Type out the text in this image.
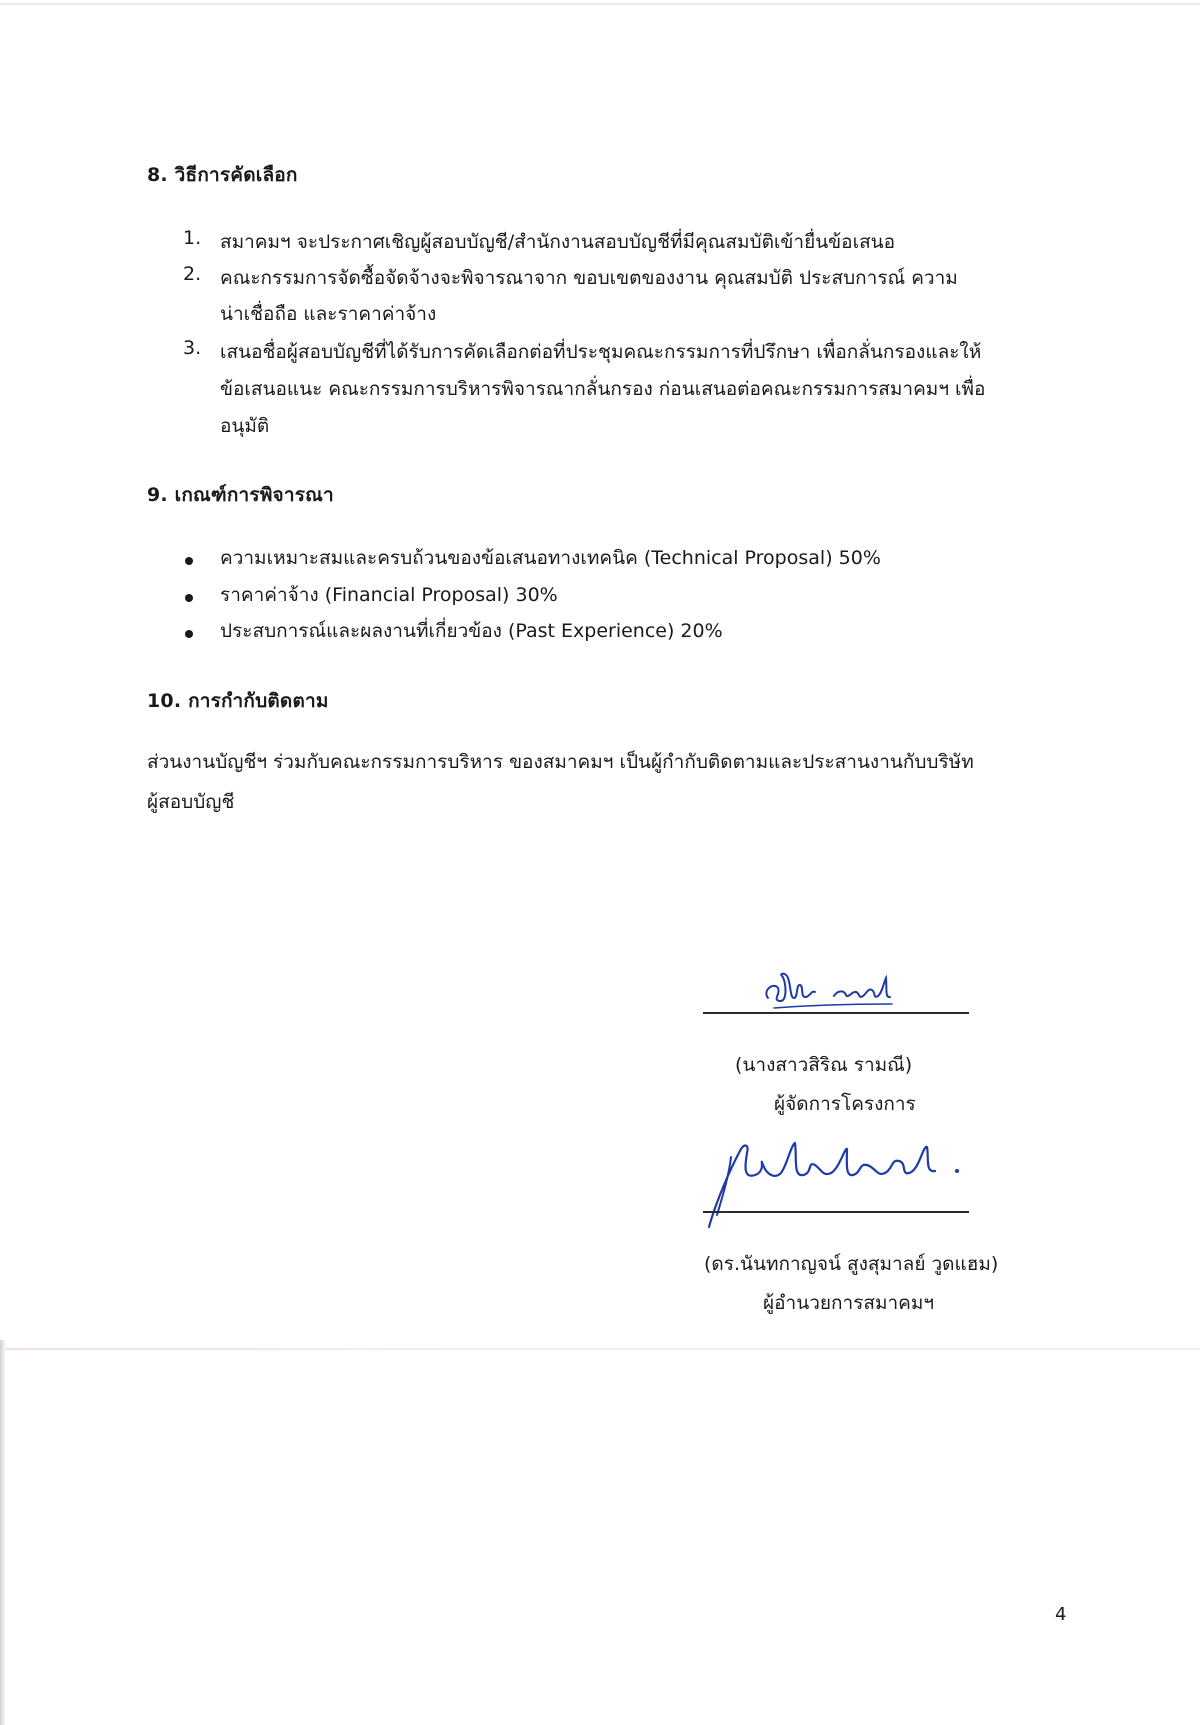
8. วิธีการคัดเลือก
1. สมาคมฯ จะประกาศเชิญผู้สอบบัญชี/สำนักงานสอบบัญชีที่มีคุณสมบัติเข้ายื่นข้อเสนอ
2. คณะกรรมการจัดซื้อจัดจ้างจะพิจารณาจาก ขอบเขตของงาน คุณสมบัติ ประสบการณ์ ความ
น่าเชื่อถือ และราคาค่าจ้าง
3. เสนอชื่อผู้สอบบัญชีที่ได้รับการคัดเลือกต่อที่ประชุมคณะกรรมการที่ปรึกษา เพื่อกลั่นกรองและให้
ข้อเสนอแนะ คณะกรรมการบริหารพิจารณากลั่นกรอง ก่อนเสนอต่อคณะกรรมการสมาคมฯ เพื่อ
อนุมัติ
9. เกณฑ์การพิจารณา
ความเหมาะสมและครบถ้วนของข้อเสนอทางเทคนิค (Technical Proposal) 50%
ราคาค่าจ้าง (Financial Proposal) 30%
ประสบการณ์และผลงานที่เกี่ยวข้อง (Past Experience) 20%
10. การกำกับติดตาม
ส่วนงานบัญชีฯ ร่วมกับคณะกรรมการบริหาร ของสมาคมฯ เป็นผู้กำกับติดตามและประสานงานกับบริษัท
ผู้สอบบัญชี
(นางสาวสิริณ รามณี)
ผู้จัดการโครงการ
(ดร.นันทกาญจน์ สูงสุมาลย์ วูดแฮม)
ผู้อำนวยการสมาคมฯ
4
